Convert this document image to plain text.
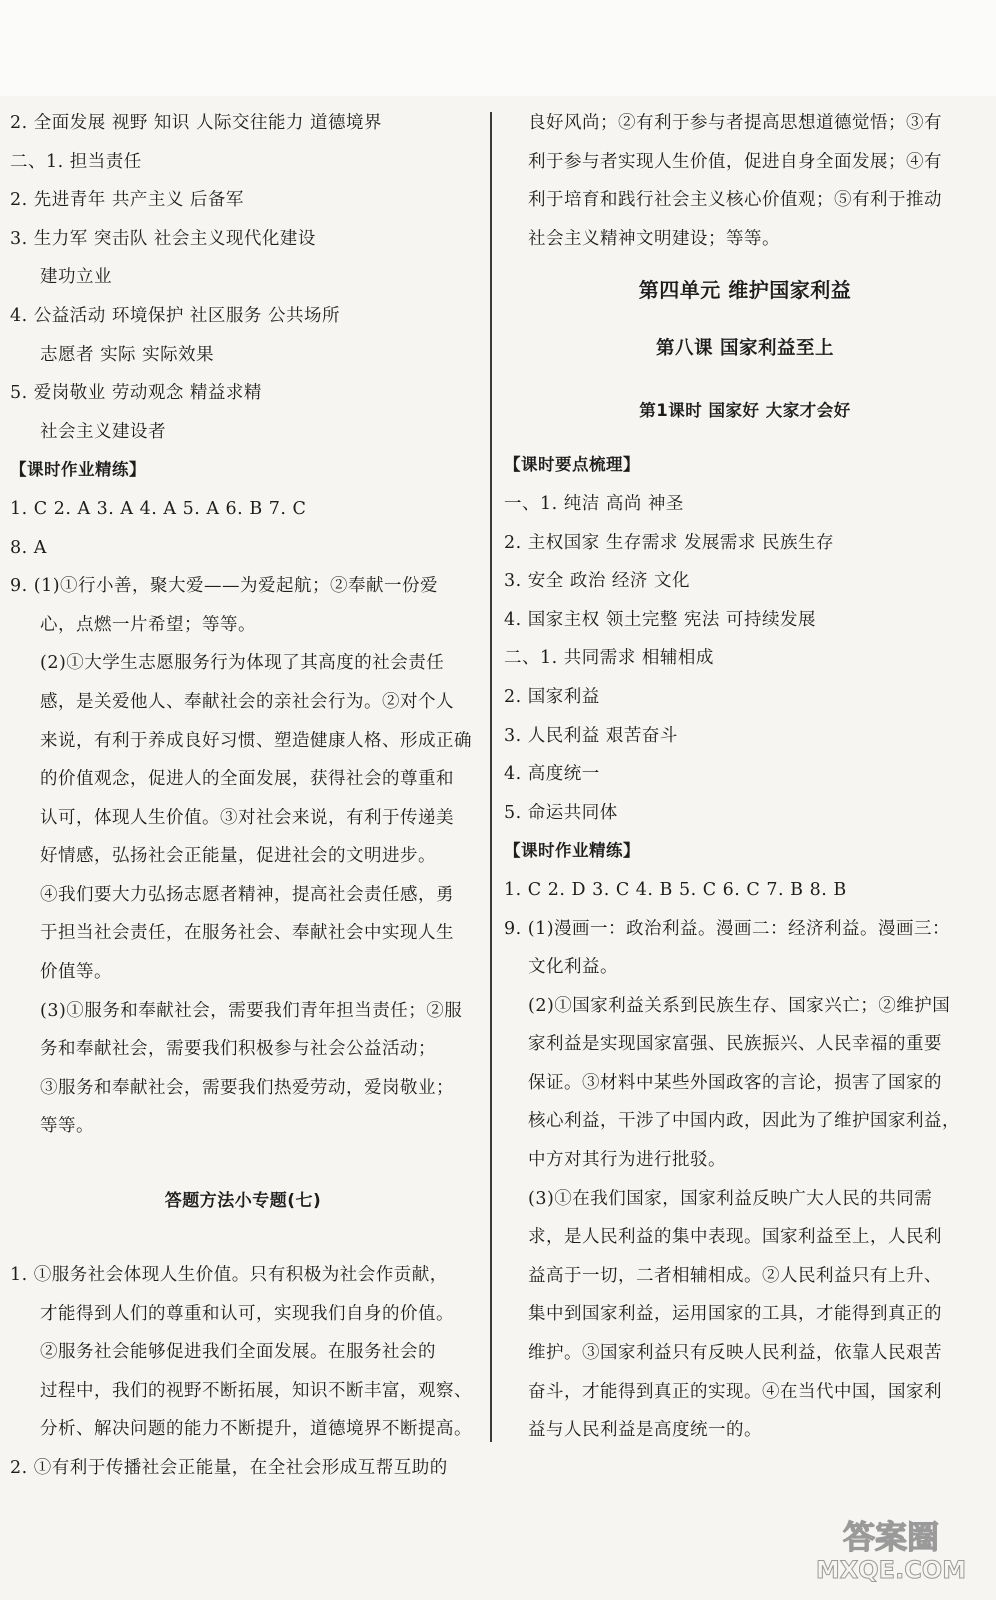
2. 全面发展 视野 知识 人际交往能力 道德境界
二、1. 担当责任
2. 先进青年 共产主义 后备军
3. 生力军 突击队 社会主义现代化建设
建功立业
4. 公益活动 环境保护 社区服务 公共场所
志愿者 实际 实际效果
5. 爱岗敬业 劳动观念 精益求精
社会主义建设者
【课时作业精练】
1. C 2. A 3. A 4. A 5. A 6. B 7. C
8. A
9. (1)①行小善，聚大爱——为爱起航；②奉献一份爱
心，点燃一片希望；等等。
(2)①大学生志愿服务行为体现了其高度的社会责任
感，是关爱他人、奉献社会的亲社会行为。②对个人
来说，有利于养成良好习惯、塑造健康人格、形成正确
的价值观念，促进人的全面发展，获得社会的尊重和
认可，体现人生价值。③对社会来说，有利于传递美
好情感，弘扬社会正能量，促进社会的文明进步。
④我们要大力弘扬志愿者精神，提高社会责任感，勇
于担当社会责任，在服务社会、奉献社会中实现人生
价值等。
(3)①服务和奉献社会，需要我们青年担当责任；②服
务和奉献社会，需要我们积极参与社会公益活动；
③服务和奉献社会，需要我们热爱劳动，爱岗敬业；
等等。
答题方法小专题(七)
1. ①服务社会体现人生价值。只有积极为社会作贡献，
才能得到人们的尊重和认可，实现我们自身的价值。
②服务社会能够促进我们全面发展。在服务社会的
过程中，我们的视野不断拓展，知识不断丰富，观察、
分析、解决问题的能力不断提升，道德境界不断提高。
2. ①有利于传播社会正能量，在全社会形成互帮互助的
良好风尚；②有利于参与者提高思想道德觉悟；③有
利于参与者实现人生价值，促进自身全面发展；④有
利于培育和践行社会主义核心价值观；⑤有利于推动
社会主义精神文明建设；等等。
第四单元 维护国家利益
第八课 国家利益至上
第1课时 国家好 大家才会好
【课时要点梳理】
一、1. 纯洁 高尚 神圣
2. 主权国家 生存需求 发展需求 民族生存
3. 安全 政治 经济 文化
4. 国家主权 领土完整 宪法 可持续发展
二、1. 共同需求 相辅相成
2. 国家利益
3. 人民利益 艰苦奋斗
4. 高度统一
5. 命运共同体
【课时作业精练】
1. C 2. D 3. C 4. B 5. C 6. C 7. B 8. B
9. (1)漫画一：政治利益。漫画二：经济利益。漫画三：
文化利益。
(2)①国家利益关系到民族生存、国家兴亡；②维护国
家利益是实现国家富强、民族振兴、人民幸福的重要
保证。③材料中某些外国政客的言论，损害了国家的
核心利益，干涉了中国内政，因此为了维护国家利益，
中方对其行为进行批驳。
(3)①在我们国家，国家利益反映广大人民的共同需
求，是人民利益的集中表现。国家利益至上，人民利
益高于一切，二者相辅相成。②人民利益只有上升、
集中到国家利益，运用国家的工具，才能得到真正的
维护。③国家利益只有反映人民利益，依靠人民艰苦
奋斗，才能得到真正的实现。④在当代中国，国家利
益与人民利益是高度统一的。
答案圈
MXQE.COM
